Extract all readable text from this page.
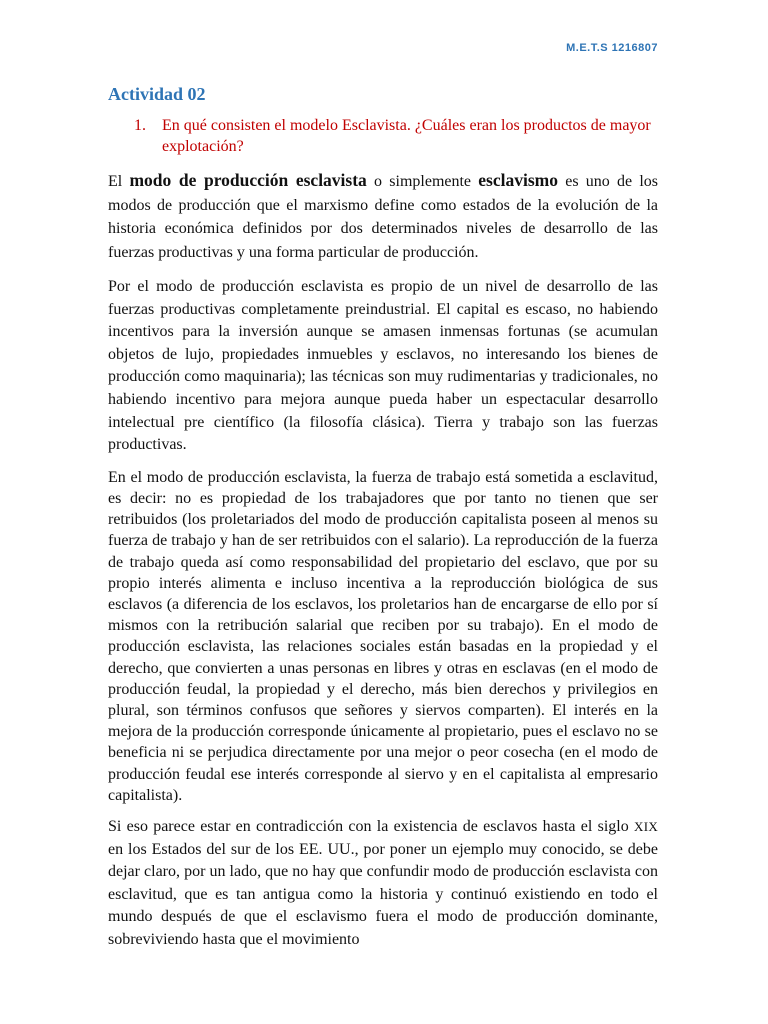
M.E.T.S 1216807
Actividad 02
1.	En qué consisten el modelo Esclavista. ¿Cuáles eran los productos de mayor explotación?

El modo de producción esclavista o simplemente esclavismo es uno de los modos de producción que el marxismo define como estados de la evolución de la historia económica definidos por dos determinados niveles de desarrollo de las fuerzas productivas y una forma particular de producción.

Por el modo de producción esclavista es propio de un nivel de desarrollo de las fuerzas productivas completamente preindustrial. El capital es escaso, no habiendo incentivos para la inversión aunque se amasen inmensas fortunas (se acumulan objetos de lujo, propiedades inmuebles y esclavos, no interesando los bienes de producción como maquinaria); las técnicas son muy rudimentarias y tradicionales, no habiendo incentivo para mejora aunque pueda haber un espectacular desarrollo intelectual pre científico (la filosofía clásica). Tierra y trabajo son las fuerzas productivas.

En el modo de producción esclavista, la fuerza de trabajo está sometida a esclavitud, es decir: no es propiedad de los trabajadores que por tanto no tienen que ser retribuidos (los proletariados del modo de producción capitalista poseen al menos su fuerza de trabajo y han de ser retribuidos con el salario). La reproducción de la fuerza de trabajo queda así como responsabilidad del propietario del esclavo, que por su propio interés alimenta e incluso incentiva a la reproducción biológica de sus esclavos (a diferencia de los esclavos, los proletarios han de encargarse de ello por sí mismos con la retribución salarial que reciben por su trabajo). En el modo de producción esclavista, las relaciones sociales están basadas en la propiedad y el derecho, que convierten a unas personas en libres y otras en esclavas (en el modo de producción feudal, la propiedad y el derecho, más bien derechos y privilegios en plural, son términos confusos que señores y siervos comparten). El interés en la mejora de la producción corresponde únicamente al propietario, pues el esclavo no se beneficia ni se perjudica directamente por una mejor o peor cosecha (en el modo de producción feudal ese interés corresponde al siervo y en el capitalista al empresario capitalista).

Si eso parece estar en contradicción con la existencia de esclavos hasta el siglo XIX en los Estados del sur de los EE. UU., por poner un ejemplo muy conocido, se debe dejar claro, por un lado, que no hay que confundir modo de producción esclavista con esclavitud, que es tan antigua como la historia y continuó existiendo en todo el mundo después de que el esclavismo fuera el modo de producción dominante, sobreviviendo hasta que el movimiento
